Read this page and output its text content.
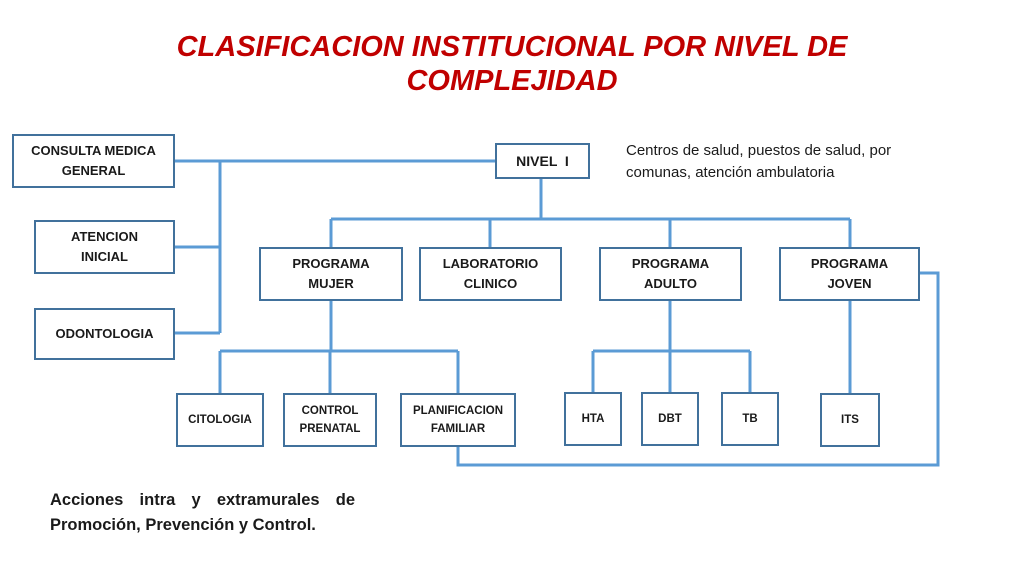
CLASIFICACION INSTITUCIONAL POR NIVEL DE
COMPLEJIDAD
CONSULTA MEDICA
GENERAL
ATENCION
INICIAL
ODONTOLOGIA
NIVEL  I
Centros de salud, puestos de salud, por comunas, atención ambulatoria
PROGRAMA
MUJER
LABORATORIO
CLINICO
PROGRAMA
ADULTO
PROGRAMA
JOVEN
CITOLOGIA
CONTROL
PRENATAL
PLANIFICACION
FAMILIAR
HTA	DBT	TB	ITS
Acciones intra y extramurales de Promoción, Prevención y Control.
